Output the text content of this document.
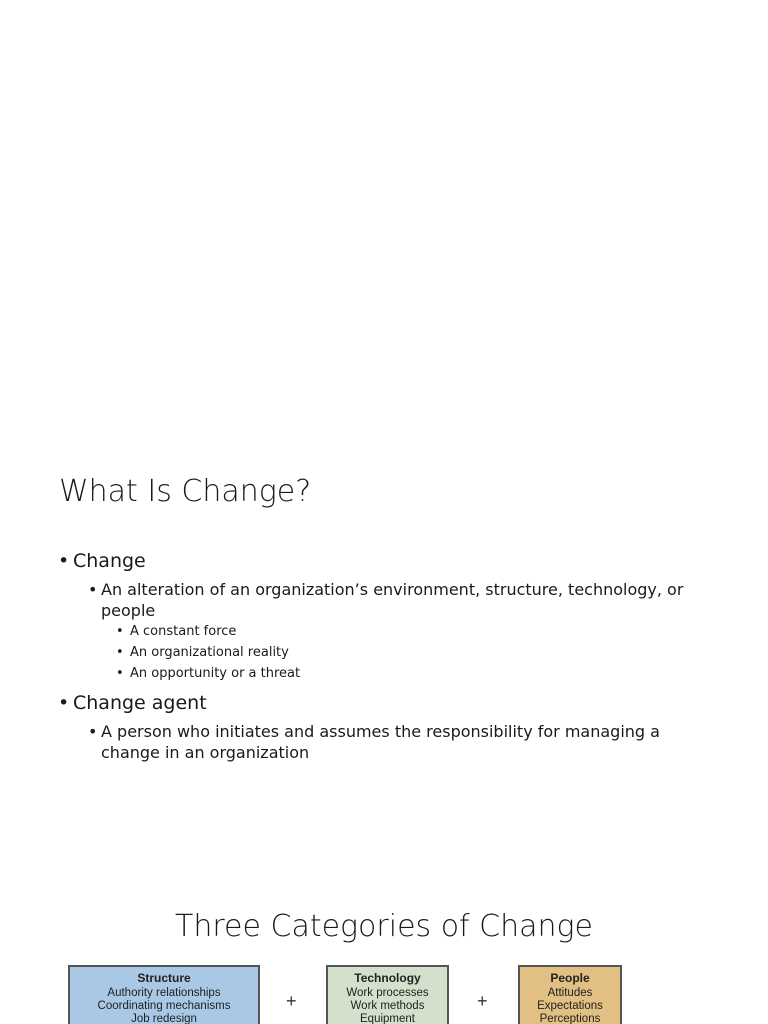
What Is Change?
• Change
• An alteration of an organization’s environment, structure, technology, or people
• A constant force
• An organizational reality
• An opportunity or a threat
• Change agent
• A person who initiates and assumes the responsibility for managing a change in an organization
Three Categories of Change
Structure
Authority relationships
Coordinating mechanisms
Job redesign
+
Technology
Work processes
Work methods
Equipment
+
People
Attitudes
Expectations
Perceptions
